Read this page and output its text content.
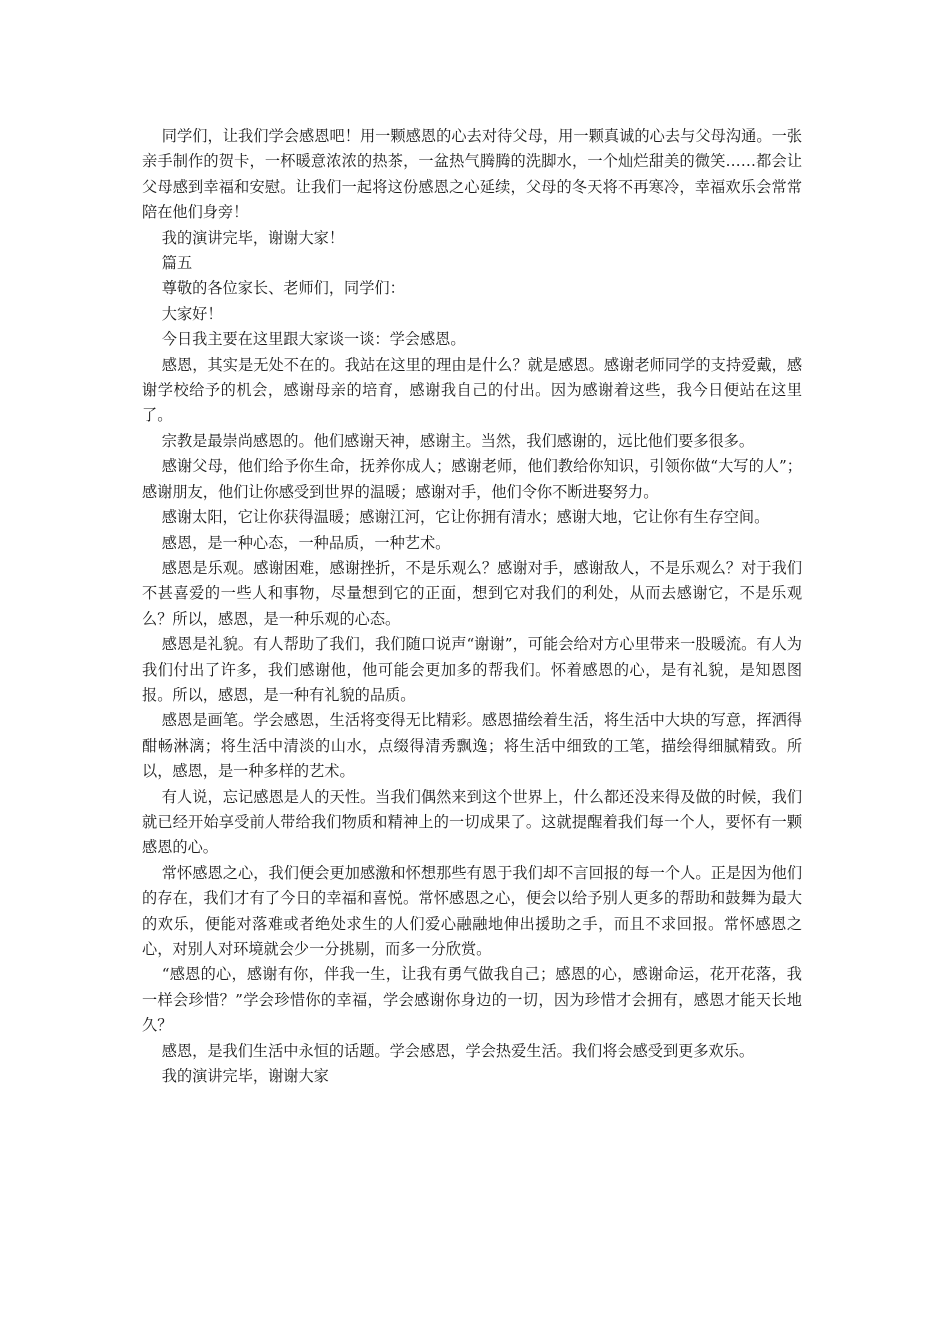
同学们，让我们学会感恩吧！用一颗感恩的心去对待父母，用一颗真诚的心去与父母沟通。一张亲手制作的贺卡，一杯暖意浓浓的热茶，一盆热气腾腾的洗脚水，一个灿烂甜美的微笑……都会让父母感到幸福和安慰。让我们一起将这份感恩之心延续，父母的冬天将不再寒冷，幸福欢乐会常常陪在他们身旁！

我的演讲完毕，谢谢大家！

篇五

尊敬的各位家长、老师们，同学们：

大家好！

今日我主要在这里跟大家谈一谈：学会感恩。

感恩，其实是无处不在的。我站在这里的理由是什么？就是感恩。感谢老师同学的支持爱戴，感谢学校给予的机会，感谢母亲的培育，感谢我自己的付出。因为感谢着这些，我今日便站在这里了。

宗教是最崇尚感恩的。他们感谢天神，感谢主。当然，我们感谢的，远比他们要多很多。

感谢父母，他们给予你生命，抚养你成人；感谢老师，他们教给你知识，引领你做“大写的人”；感谢朋友，他们让你感受到世界的温暖；感谢对手，他们令你不断进娶努力。

感谢太阳，它让你获得温暖；感谢江河，它让你拥有清水；感谢大地，它让你有生存空间。

感恩，是一种心态，一种品质，一种艺术。

感恩是乐观。感谢困难，感谢挫折，不是乐观么？感谢对手，感谢敌人，不是乐观么？对于我们不甚喜爱的一些人和事物，尽量想到它的正面，想到它对我们的利处，从而去感谢它，不是乐观么？所以，感恩，是一种乐观的心态。

感恩是礼貌。有人帮助了我们，我们随口说声“谢谢”，可能会给对方心里带来一股暖流。有人为我们付出了许多，我们感谢他，他可能会更加多的帮我们。怀着感恩的心，是有礼貌，是知恩图报。所以，感恩，是一种有礼貌的品质。

感恩是画笔。学会感恩，生活将变得无比精彩。感恩描绘着生活，将生活中大块的写意，挥洒得酣畅淋漓；将生活中清淡的山水，点缀得清秀飘逸；将生活中细致的工笔，描绘得细腻精致。所以，感恩，是一种多样的艺术。

有人说，忘记感恩是人的天性。当我们偶然来到这个世界上，什么都还没来得及做的时候，我们就已经开始享受前人带给我们物质和精神上的一切成果了。这就提醒着我们每一个人，要怀有一颗感恩的心。

常怀感恩之心，我们便会更加感激和怀想那些有恩于我们却不言回报的每一个人。正是因为他们的存在，我们才有了今日的幸福和喜悦。常怀感恩之心，便会以给予别人更多的帮助和鼓舞为最大的欢乐，便能对落难或者绝处求生的人们爱心融融地伸出援助之手，而且不求回报。常怀感恩之心，对别人对环境就会少一分挑剔，而多一分欣赏。

“感恩的心，感谢有你，伴我一生，让我有勇气做我自己；感恩的心，感谢命运，花开花落，我一样会珍惜？”学会珍惜你的幸福，学会感谢你身边的一切，因为珍惜才会拥有，感恩才能天长地久？

感恩，是我们生活中永恒的话题。学会感恩，学会热爱生活。我们将会感受到更多欢乐。

我的演讲完毕，谢谢大家
